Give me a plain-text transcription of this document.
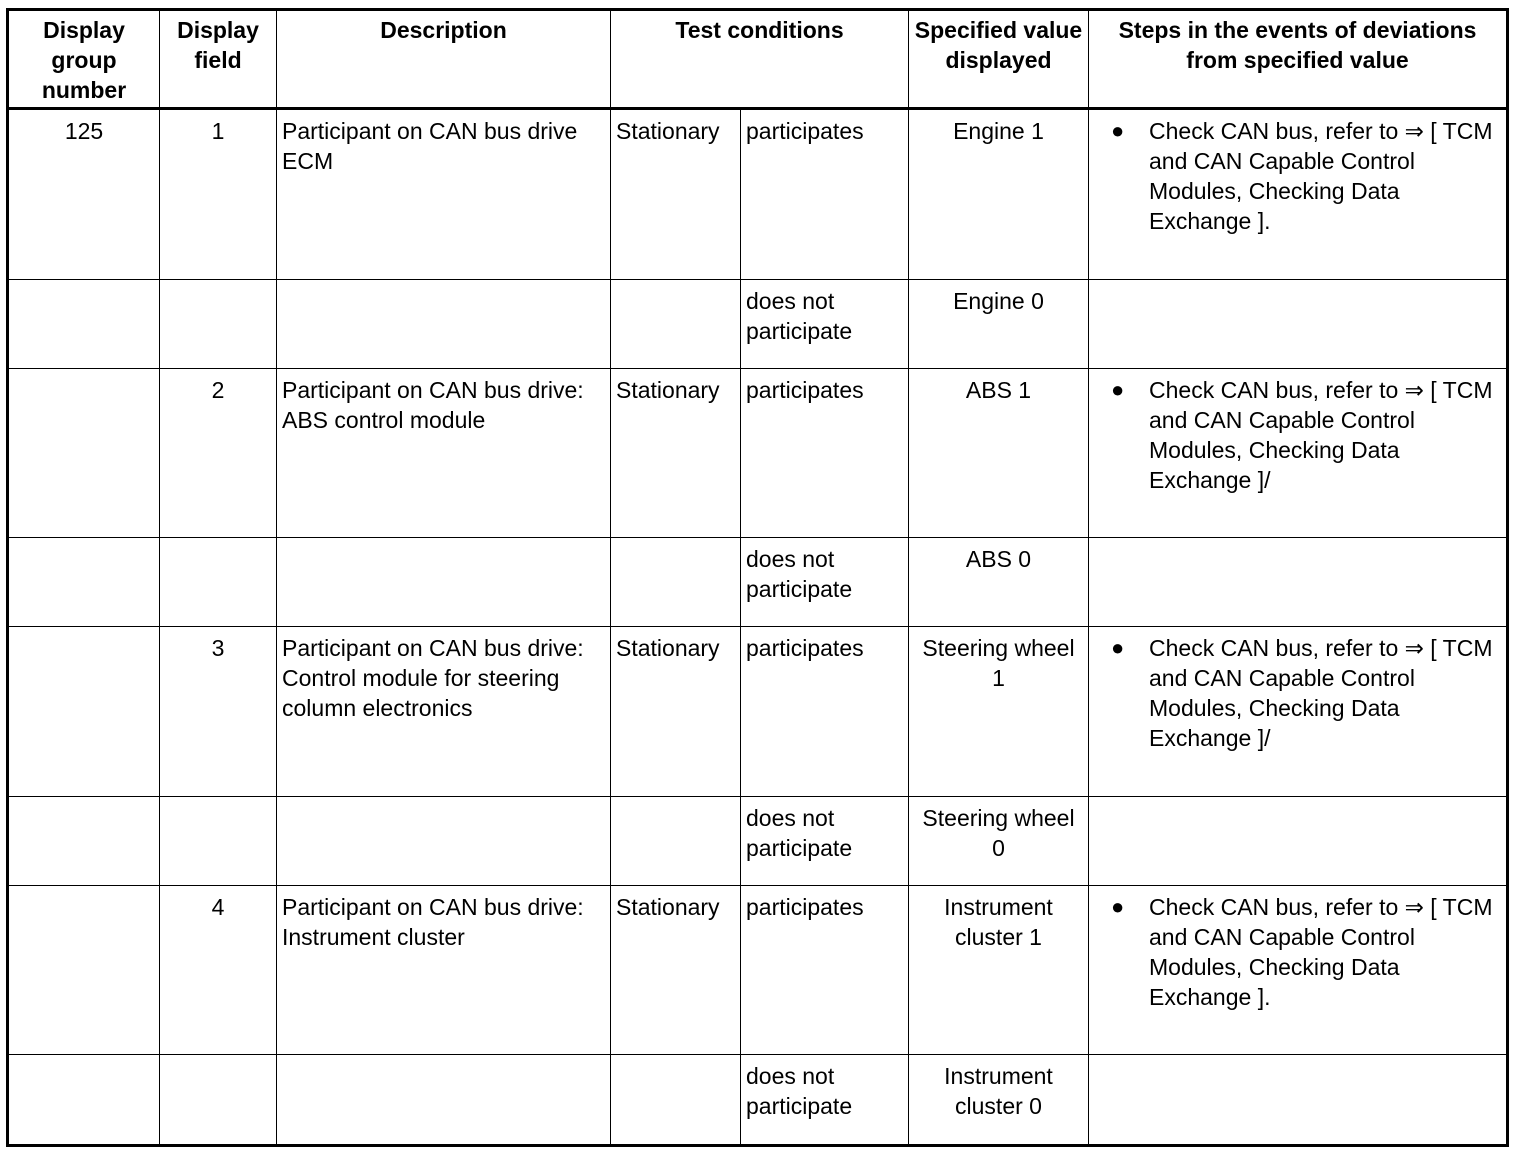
Display group number	Display field	Description	Test conditions		Specified value displayed	Steps in the events of deviations from specified value
125	1	Participant on CAN bus drive ECM	Stationary	participates	Engine 1	● Check CAN bus, refer to ⇒ [ TCM and CAN Capable Control Modules, Checking Data Exchange ].

				does not participate	Engine 0	
	2	Participant on CAN bus drive: ABS control module	Stationary	participates	ABS 1	● Check CAN bus, refer to ⇒ [ TCM and CAN Capable Control Modules, Checking Data Exchange ]/

				does not participate	ABS 0	
	3	Participant on CAN bus drive: Control module for steering column electronics	Stationary	participates	Steering wheel 1	● Check CAN bus, refer to ⇒ [ TCM and CAN Capable Control Modules, Checking Data Exchange ]/

				does not participate	Steering wheel 0	
	4	Participant on CAN bus drive: Instrument cluster	Stationary	participates	Instrument cluster 1	● Check CAN bus, refer to ⇒ [ TCM and CAN Capable Control Modules, Checking Data Exchange ].

				does not participate	Instrument cluster 0	
